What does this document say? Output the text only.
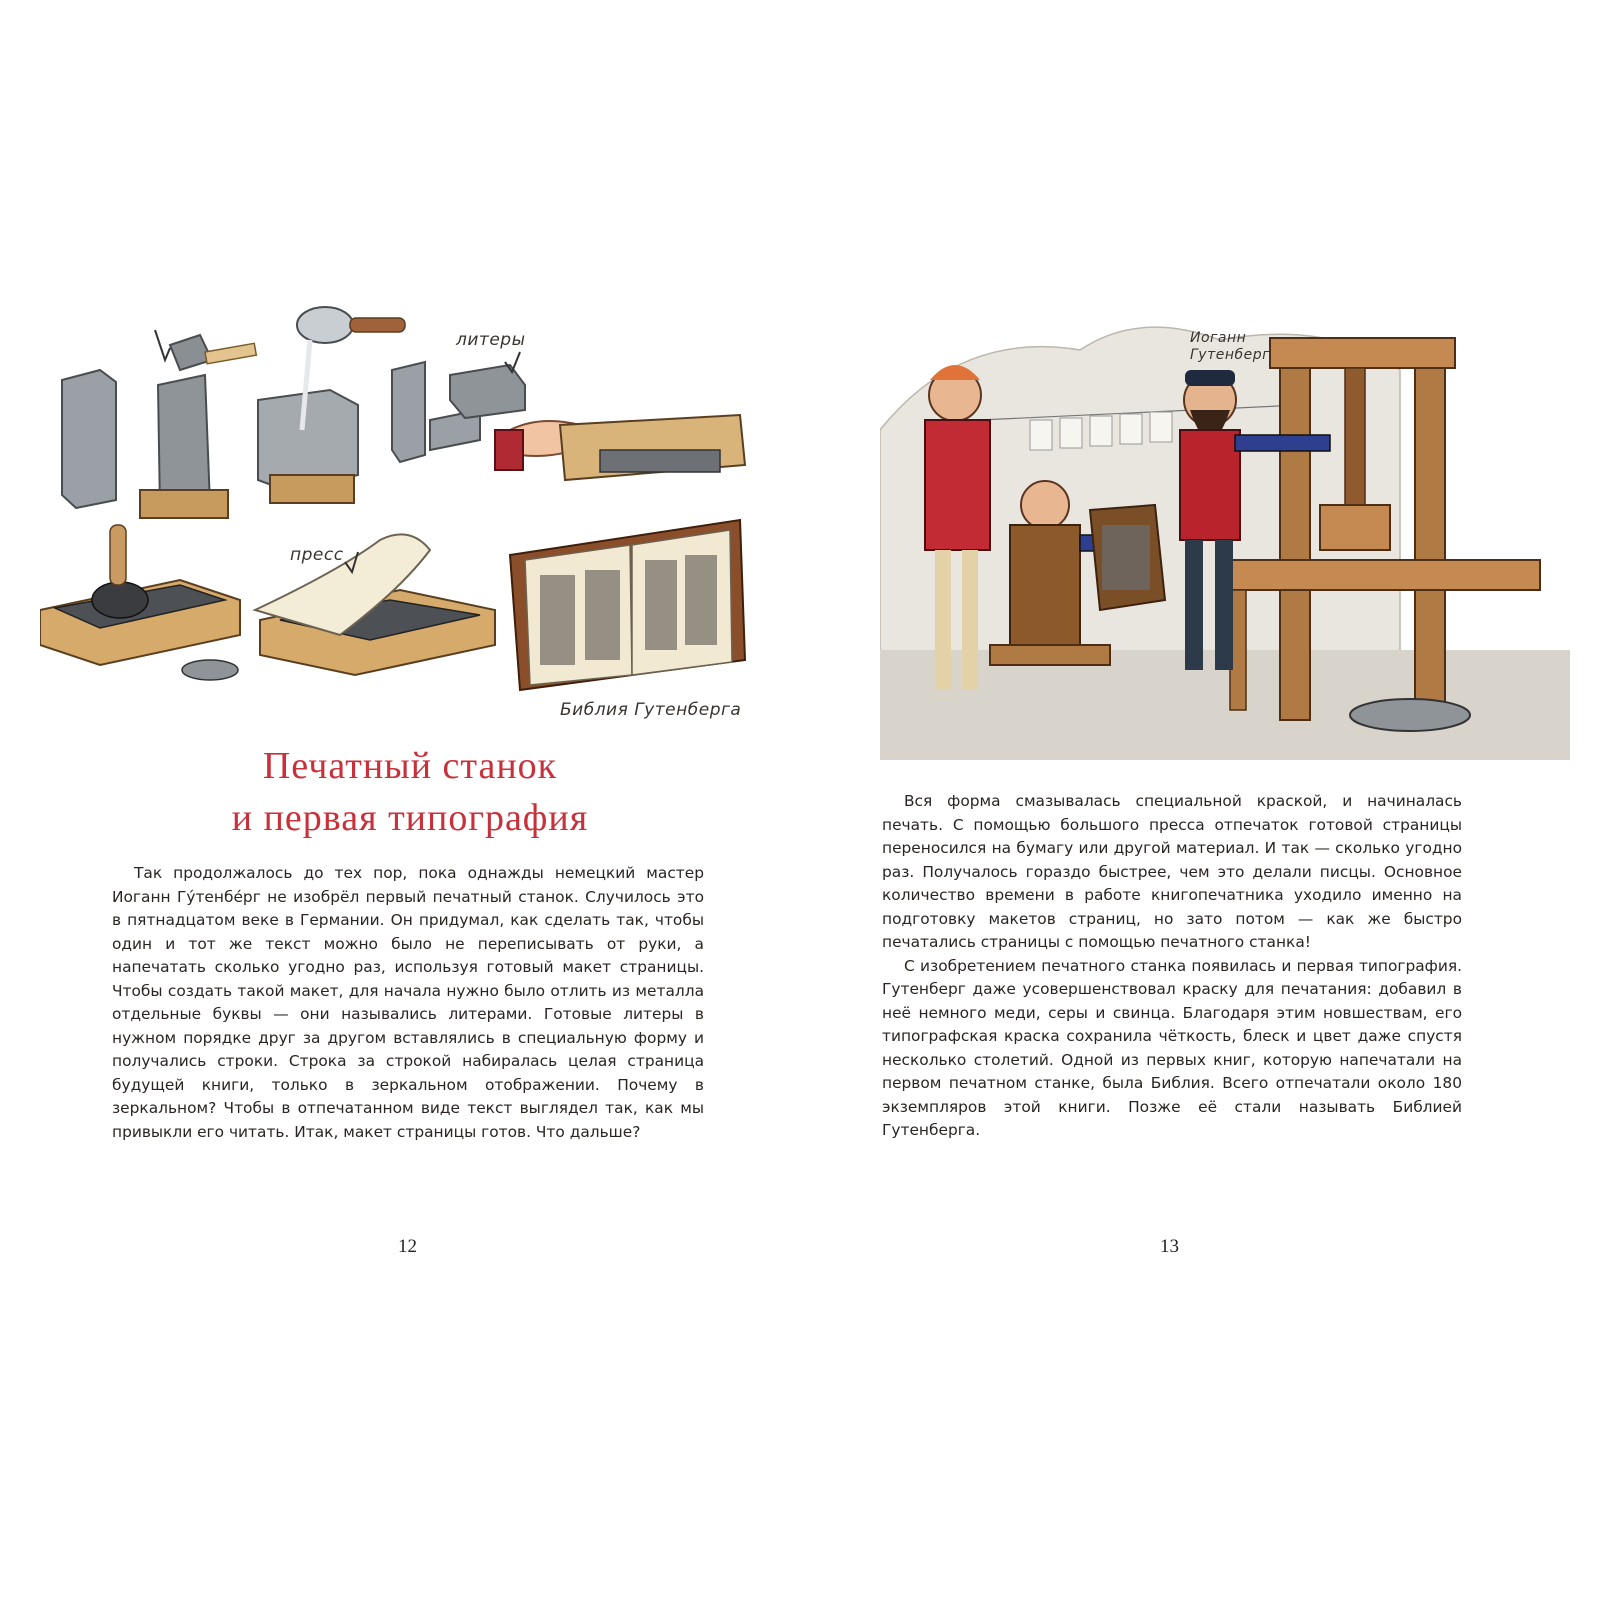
литеры
пресс
Библия Гутенберга
Печатный станок
и первая типография

Так продолжалось до тех пор, пока однажды немецкий мастер Иоганн Гу́тенбе́рг не изобрёл первый печатный станок. Случилось это в пятнадцатом веке в Германии. Он придумал, как сделать так, чтобы один и тот же текст можно было не переписывать от руки, а напечатать сколько угодно раз, используя готовый макет страницы. Чтобы создать такой макет, для начала нужно было отлить из металла отдельные буквы — они назывались литерами. Готовые литеры в нужном порядке друг за другом вставлялись в специальную форму и получались строки. Строка за строкой набиралась целая страница будущей книги, только в зеркальном отображении. Почему в зеркальном? Чтобы в отпечатанном виде текст выглядел так, как мы привыкли его читать. Итак, макет страницы готов. Что дальше?

12
Иоганн Гутенберг

Вся форма смазывалась специальной краской, и начиналась печать. С помощью большого пресса отпечаток готовой страницы переносился на бумагу или другой материал. И так — сколько угодно раз. Получалось гораздо быстрее, чем это делали писцы. Основное количество времени в работе книгопечатника уходило именно на подготовку макетов страниц, но зато потом — как же быстро печатались страницы с помощью печатного станка!

С изобретением печатного станка появилась и первая типография. Гутенберг даже усовершенствовал краску для печатания: добавил в неё немного меди, серы и свинца. Благодаря этим новшествам, его типографская краска сохранила чёткость, блеск и цвет даже спустя несколько столетий. Одной из первых книг, которую напечатали на первом печатном станке, была Библия. Всего отпечатали около 180 экземпляров этой книги. Позже её стали называть Библией Гутенберга.

13
